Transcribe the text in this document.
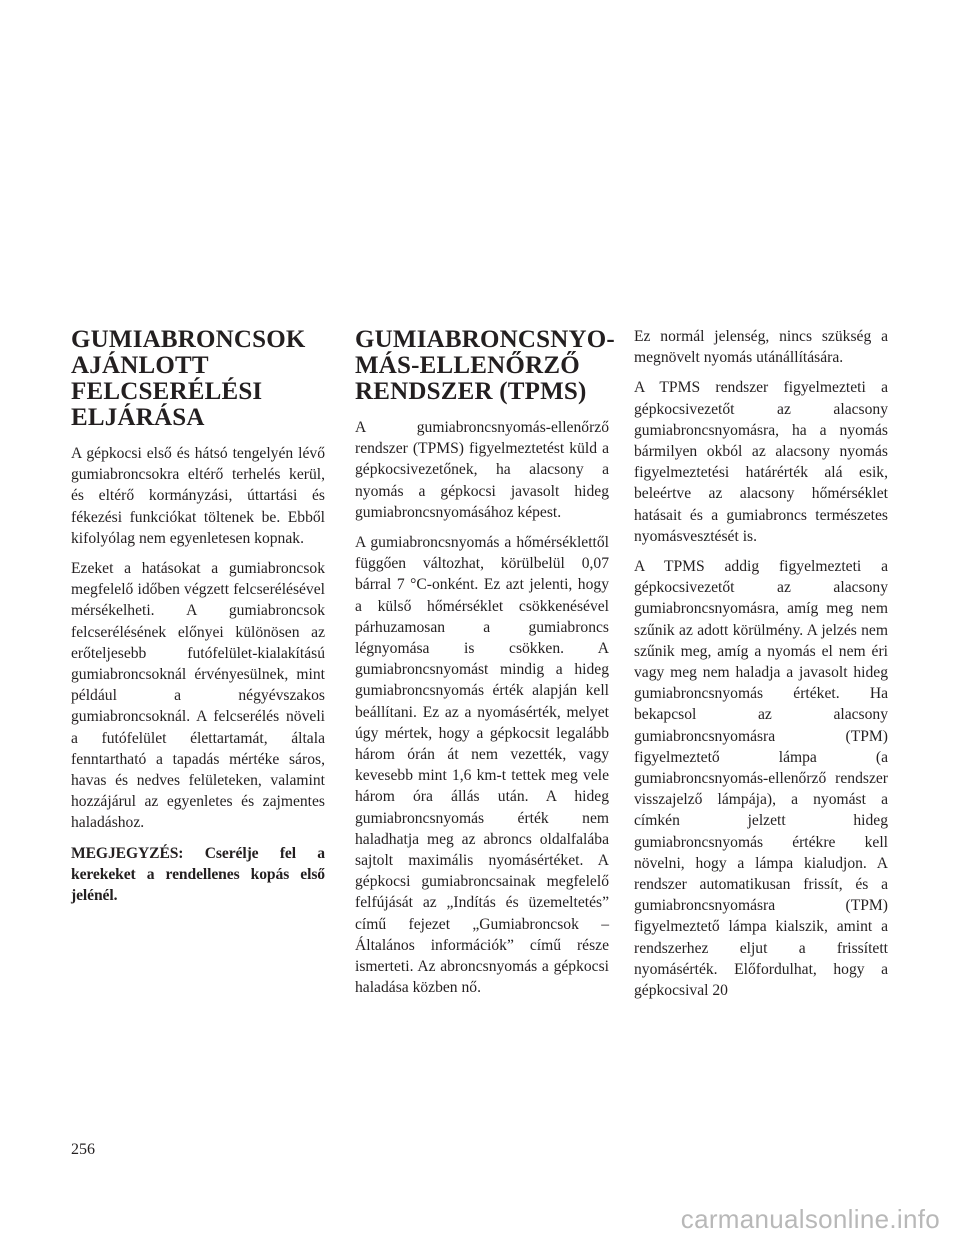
GUMIABRONCSOK AJÁNLOTT FELCSERÉLÉSI ELJÁRÁSA

A gépkocsi első és hátsó tengelyén lévő gumiabroncsokra eltérő terhelés kerül, és eltérő kormányzási, úttartási és fékezési funkciókat töltenek be. Ebből kifolyólag nem egyenletesen kopnak.

Ezeket a hatásokat a gumiabroncsok megfelelő időben végzett felcserélésével mérsékelheti. A gumiabroncsok felcserélésének előnyei különösen az erőteljesebb futófelület-kialakítású gumiabroncsoknál érvényesülnek, mint például a négyévszakos gumiabroncsoknál. A felcserélés növeli a futófelület élettartamát, általa fenntartható a tapadás mértéke sáros, havas és nedves felületeken, valamint hozzájárul az egyenletes és zajmentes haladáshoz.

MEGJEGYZÉS: Cserélje fel a kerekeket a rendellenes kopás első jelénél.

GUMIABRONCSNYOMÁS-ELLENŐRZŐ RENDSZER (TPMS)

A gumiabroncsnyomás-ellenőrző rendszer (TPMS) figyelmeztetést küld a gépkocsivezetőnek, ha alacsony a nyomás a gépkocsi javasolt hideg gumiabroncsnyomásához képest.

A gumiabroncsnyomás a hőmérséklettől függően változhat, körülbelül 0,07 bárral 7 °C-onként. Ez azt jelenti, hogy a külső hőmérséklet csökkenésével párhuzamosan a gumiabroncs légnyomása is csökken. A gumiabroncsnyomást mindig a hideg gumiabroncsnyomás érték alapján kell beállítani. Ez az a nyomásérték, melyet úgy mértek, hogy a gépkocsit legalább három órán át nem vezették, vagy kevesebb mint 1,6 km-t tettek meg vele három óra állás után. A hideg gumiabroncsnyomás érték nem haladhatja meg az abroncs oldalfalába sajtolt maximális nyomásértéket. A gépkocsi gumiabroncsainak megfelelő felfújását az „Indítás és üzemeltetés” című fejezet „Gumiabroncsok – Általános információk” című része ismerteti. Az abroncsnyomás a gépkocsi haladása közben nő.

Ez normál jelenség, nincs szükség a megnövelt nyomás utánállítására.

A TPMS rendszer figyelmezteti a gépkocsivezetőt az alacsony gumiabroncsnyomásra, ha a nyomás bármilyen okból az alacsony nyomás figyelmeztetési határérték alá esik, beleértve az alacsony hőmérséklet hatásait és a gumiabroncs természetes nyomásvesztését is.

A TPMS addig figyelmezteti a gépkocsivezetőt az alacsony gumiabroncsnyomásra, amíg meg nem szűnik az adott körülmény. A jelzés nem szűnik meg, amíg a nyomás el nem éri vagy meg nem haladja a javasolt hideg gumiabroncsnyomás értéket. Ha bekapcsol az alacsony gumiabroncsnyomásra (TPM) figyelmeztető lámpa (a gumiabroncsnyomás-ellenőrző rendszer visszajelző lámpája), a nyomást a címkén jelzett hideg gumiabroncsnyomás értékre kell növelni, hogy a lámpa kialudjon. A rendszer automatikusan frissít, és a gumiabroncsnyomásra (TPM) figyelmeztető lámpa kialszik, amint a rendszerhez eljut a frissített nyomásérték. Előfordulhat, hogy a gépkocsival 20

256
carmanualsonline.info
